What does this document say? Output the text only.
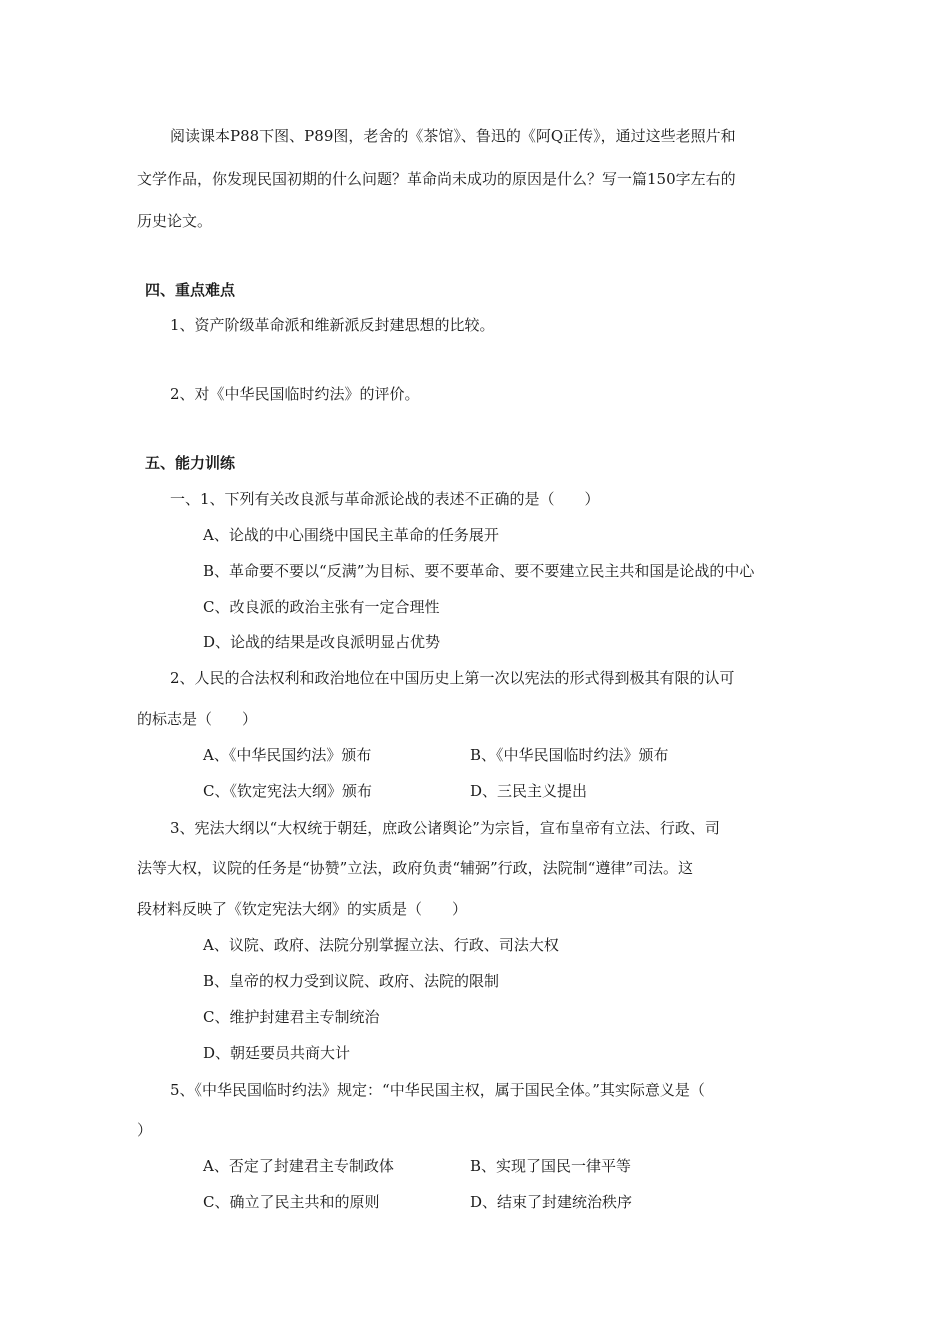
阅读课本P88下图、P89图，老舍的《茶馆》、鲁迅的《阿Q正传》，通过这些老照片和
文学作品，你发现民国初期的什么问题？革命尚未成功的原因是什么？写一篇150字左右的
历史论文。
四、重点难点
1、资产阶级革命派和维新派反封建思想的比较。
2、对《中华民国临时约法》的评价。
五、能力训练
一、1、下列有关改良派与革命派论战的表述不正确的是（　　）
A、论战的中心围绕中国民主革命的任务展开
B、革命要不要以“反满”为目标、要不要革命、要不要建立民主共和国是论战的中心
C、改良派的政治主张有一定合理性
D、论战的结果是改良派明显占优势
2、人民的合法权利和政治地位在中国历史上第一次以宪法的形式得到极其有限的认可
的标志是（　　）
A、《中华民国约法》颁布	B、《中华民国临时约法》颁布
C、《钦定宪法大纲》颁布	D、三民主义提出
3、宪法大纲以“大权统于朝廷，庶政公诸舆论”为宗旨，宣布皇帝有立法、行政、司
法等大权，议院的任务是“协赞”立法，政府负责“辅弼”行政，法院制“遵律”司法。这
段材料反映了《钦定宪法大纲》的实质是（　　）
A、议院、政府、法院分别掌握立法、行政、司法大权
B、皇帝的权力受到议院、政府、法院的限制
C、维护封建君主专制统治
D、朝廷要员共商大计
5、《中华民国临时约法》规定：“中华民国主权，属于国民全体。”其实际意义是（
）
A、否定了封建君主专制政体	B、实现了国民一律平等
C、确立了民主共和的原则	D、结束了封建统治秩序
